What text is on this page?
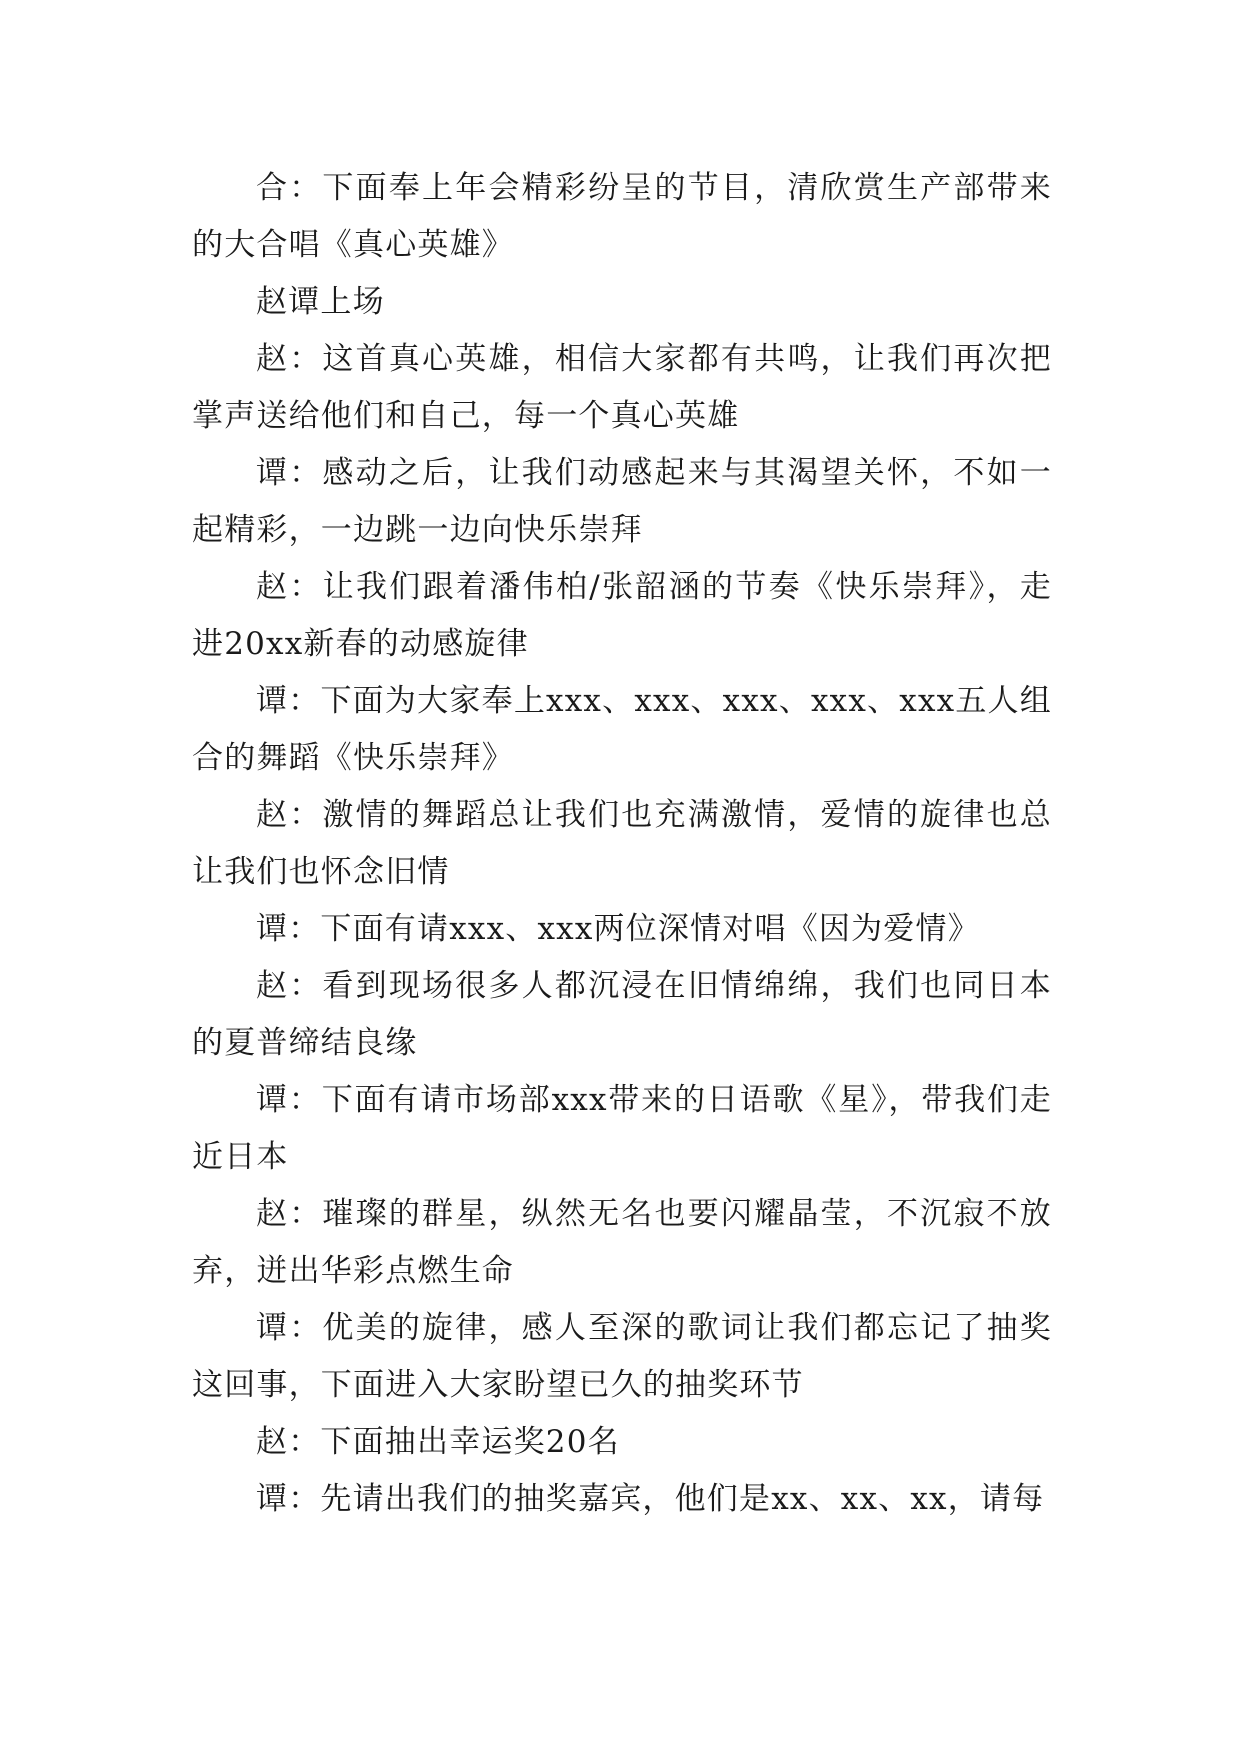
合：下面奉上年会精彩纷呈的节目，清欣赏生产部带来的大合唱《真心英雄》

赵谭上场

赵：这首真心英雄，相信大家都有共鸣，让我们再次把掌声送给他们和自己，每一个真心英雄

谭：感动之后，让我们动感起来与其渴望关怀，不如一起精彩，一边跳一边向快乐崇拜

赵：让我们跟着潘伟柏/张韶涵的节奏《快乐崇拜》，走进20xx新春的动感旋律

谭：下面为大家奉上xxx、xxx、xxx、xxx、xxx五人组合的舞蹈《快乐崇拜》

赵：激情的舞蹈总让我们也充满激情，爱情的旋律也总让我们也怀念旧情

谭：下面有请xxx、xxx两位深情对唱《因为爱情》

赵：看到现场很多人都沉浸在旧情绵绵，我们也同日本的夏普缔结良缘

谭：下面有请市场部xxx带来的日语歌《星》，带我们走近日本

赵：璀璨的群星，纵然无名也要闪耀晶莹，不沉寂不放弃，迸出华彩点燃生命

谭：优美的旋律，感人至深的歌词让我们都忘记了抽奖这回事，下面进入大家盼望已久的抽奖环节

赵：下面抽出幸运奖20名

谭：先请出我们的抽奖嘉宾，他们是xx、xx、xx，请每
